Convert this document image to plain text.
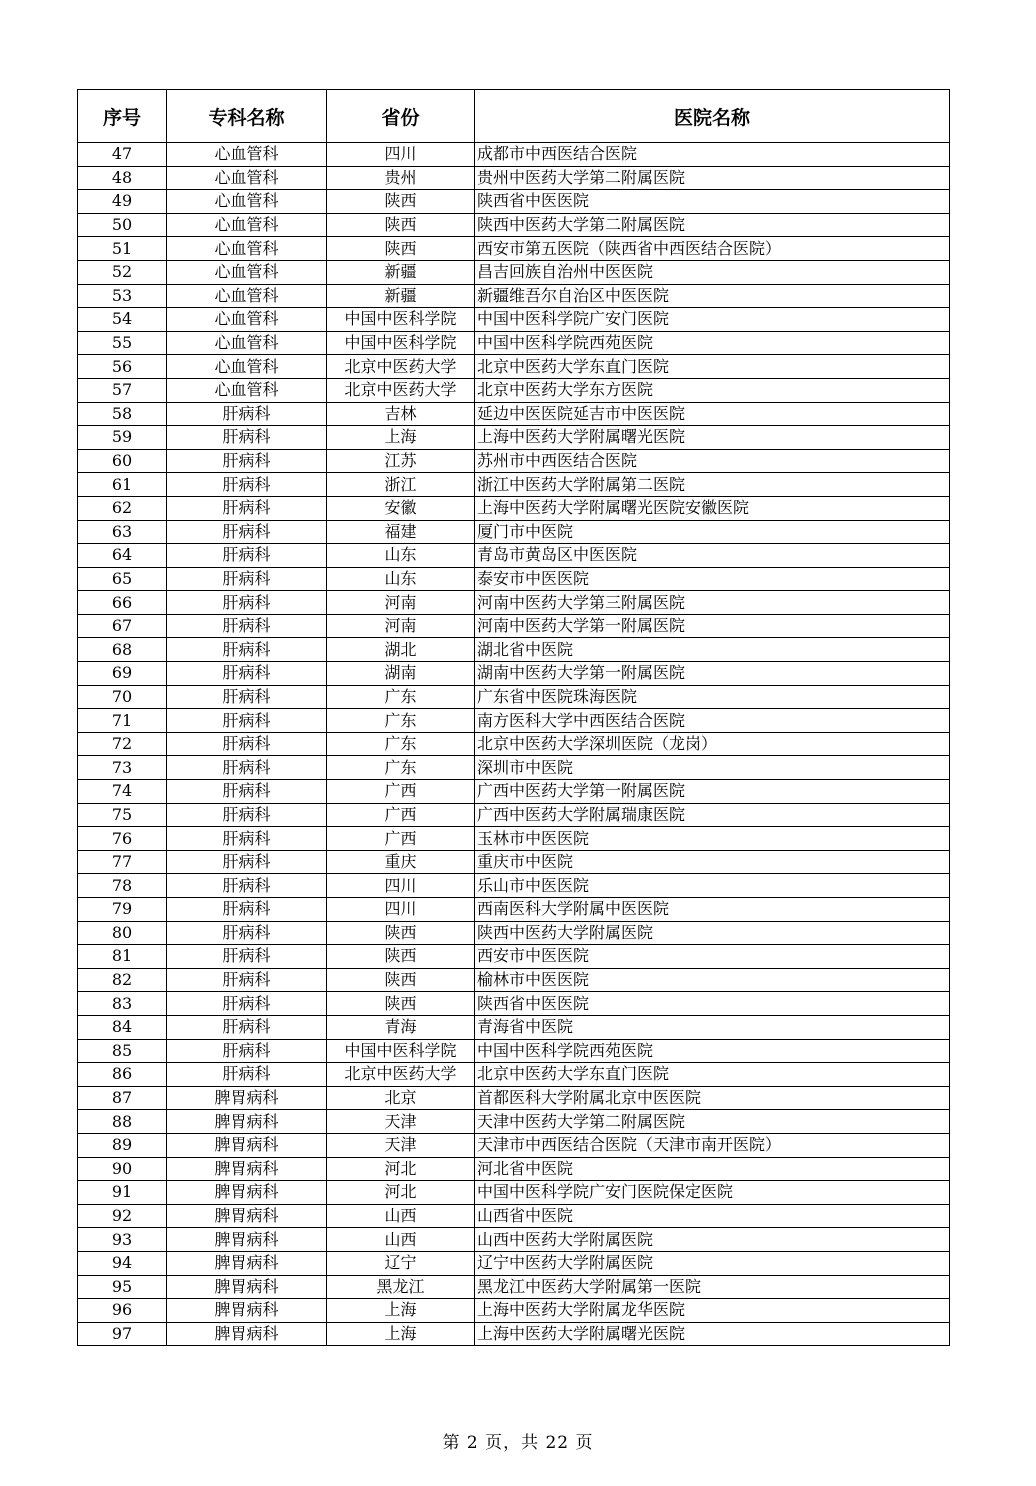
序号	专科名称	省份	医院名称
47	心血管科	四川	成都市中西医结合医院
48	心血管科	贵州	贵州中医药大学第二附属医院
49	心血管科	陕西	陕西省中医医院
50	心血管科	陕西	陕西中医药大学第二附属医院
51	心血管科	陕西	西安市第五医院（陕西省中西医结合医院）
52	心血管科	新疆	昌吉回族自治州中医医院
53	心血管科	新疆	新疆维吾尔自治区中医医院
54	心血管科	中国中医科学院	中国中医科学院广安门医院
55	心血管科	中国中医科学院	中国中医科学院西苑医院
56	心血管科	北京中医药大学	北京中医药大学东直门医院
57	心血管科	北京中医药大学	北京中医药大学东方医院
58	肝病科	吉林	延边中医医院延吉市中医医院
59	肝病科	上海	上海中医药大学附属曙光医院
60	肝病科	江苏	苏州市中西医结合医院
61	肝病科	浙江	浙江中医药大学附属第二医院
62	肝病科	安徽	上海中医药大学附属曙光医院安徽医院
63	肝病科	福建	厦门市中医院
64	肝病科	山东	青岛市黄岛区中医医院
65	肝病科	山东	泰安市中医医院
66	肝病科	河南	河南中医药大学第三附属医院
67	肝病科	河南	河南中医药大学第一附属医院
68	肝病科	湖北	湖北省中医院
69	肝病科	湖南	湖南中医药大学第一附属医院
70	肝病科	广东	广东省中医院珠海医院
71	肝病科	广东	南方医科大学中西医结合医院
72	肝病科	广东	北京中医药大学深圳医院（龙岗）
73	肝病科	广东	深圳市中医院
74	肝病科	广西	广西中医药大学第一附属医院
75	肝病科	广西	广西中医药大学附属瑞康医院
76	肝病科	广西	玉林市中医医院
77	肝病科	重庆	重庆市中医院
78	肝病科	四川	乐山市中医医院
79	肝病科	四川	西南医科大学附属中医医院
80	肝病科	陕西	陕西中医药大学附属医院
81	肝病科	陕西	西安市中医医院
82	肝病科	陕西	榆林市中医医院
83	肝病科	陕西	陕西省中医医院
84	肝病科	青海	青海省中医院
85	肝病科	中国中医科学院	中国中医科学院西苑医院
86	肝病科	北京中医药大学	北京中医药大学东直门医院
87	脾胃病科	北京	首都医科大学附属北京中医医院
88	脾胃病科	天津	天津中医药大学第二附属医院
89	脾胃病科	天津	天津市中西医结合医院（天津市南开医院）
90	脾胃病科	河北	河北省中医院
91	脾胃病科	河北	中国中医科学院广安门医院保定医院
92	脾胃病科	山西	山西省中医院
93	脾胃病科	山西	山西中医药大学附属医院
94	脾胃病科	辽宁	辽宁中医药大学附属医院
95	脾胃病科	黑龙江	黑龙江中医药大学附属第一医院
96	脾胃病科	上海	上海中医药大学附属龙华医院
97	脾胃病科	上海	上海中医药大学附属曙光医院
第 2 页，共 22 页
